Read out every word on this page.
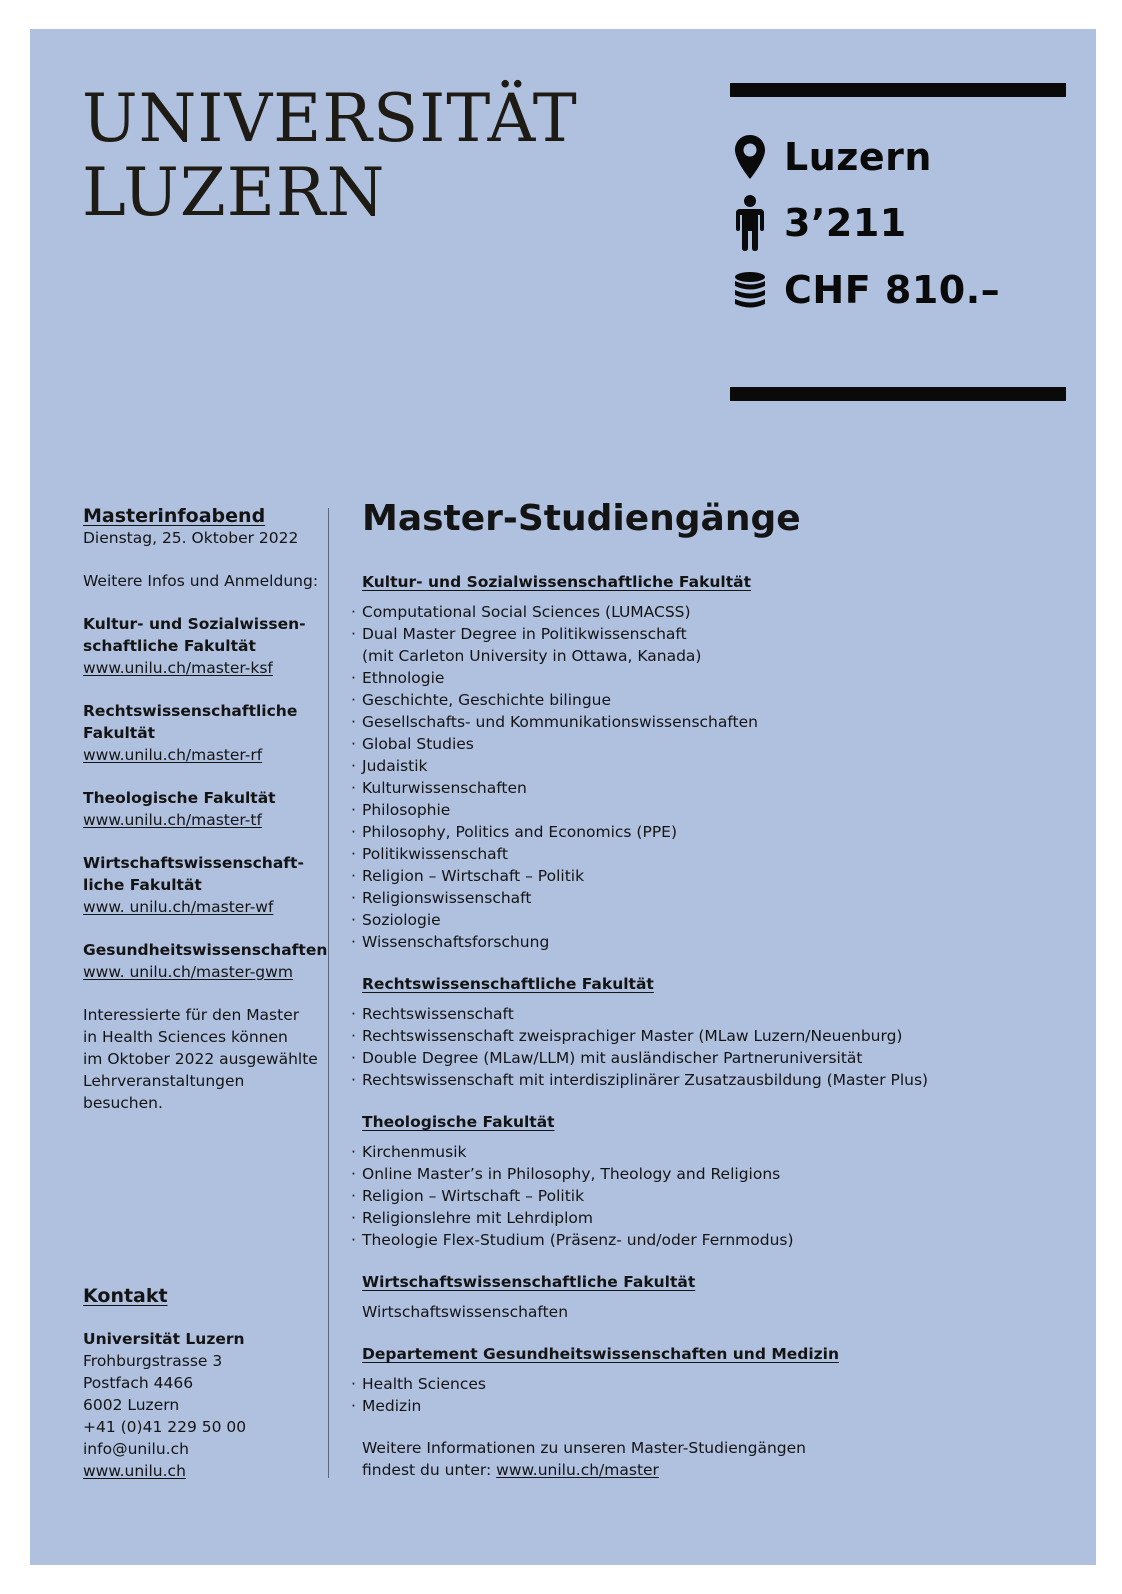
UNIVERSITÄT
LUZERN	Luzern
3’211
CHF 810.–
Masterinfoabend
Dienstag, 25. Oktober 2022
Weitere Infos und Anmeldung:
Kultur- und Sozialwissen-
schaftliche Fakultät
www.unilu.ch/master-ksf
Rechtswissenschaftliche
Fakultät
www.unilu.ch/master-rf
Theologische Fakultät
www.unilu.ch/master-tf
Wirtschaftswissenschaft-
liche Fakultät
www. unilu.ch/master-wf
Gesundheitswissenschaften
www. unilu.ch/master-gwm
Interessierte für den Master
in Health Sciences können
im Oktober 2022 ausgewählte
Lehrveranstaltungen
besuchen.
Kontakt
Universität Luzern
Frohburgstrasse 3
Postfach 4466
6002 Luzern
+41 (0)41 229 50 00
info@unilu.ch
www.unilu.ch
Master-Studiengänge
Kultur- und Sozialwissenschaftliche Fakultät
· Computational Social Sciences (LUMACSS)
· Dual Master Degree in Politikwissenschaft
(mit Carleton University in Ottawa, Kanada)
· Ethnologie
· Geschichte, Geschichte bilingue
· Gesellschafts- und Kommunikationswissenschaften
· Global Studies
· Judaistik
· Kulturwissenschaften
· Philosophie
· Philosophy, Politics and Economics (PPE)
· Politikwissenschaft
· Religion – Wirtschaft – Politik
· Religionswissenschaft
· Soziologie
· Wissenschaftsforschung
Rechtswissenschaftliche Fakultät
· Rechtswissenschaft
· Rechtswissenschaft zweisprachiger Master (MLaw Luzern/Neuenburg)
· Double Degree (MLaw/LLM) mit ausländischer Partneruniversität
· Rechtswissenschaft mit interdisziplinärer Zusatzausbildung (Master Plus)
Theologische Fakultät
· Kirchenmusik
· Online Master’s in Philosophy, Theology and Religions
· Religion – Wirtschaft – Politik
· Religionslehre mit Lehrdiplom
· Theologie Flex-Studium (Präsenz- und/oder Fernmodus)
Wirtschaftswissenschaftliche Fakultät
Wirtschaftswissenschaften
Departement Gesundheitswissenschaften und Medizin
· Health Sciences
· Medizin
Weitere Informationen zu unseren Master-Studiengängen
findest du unter: www.unilu.ch/master
